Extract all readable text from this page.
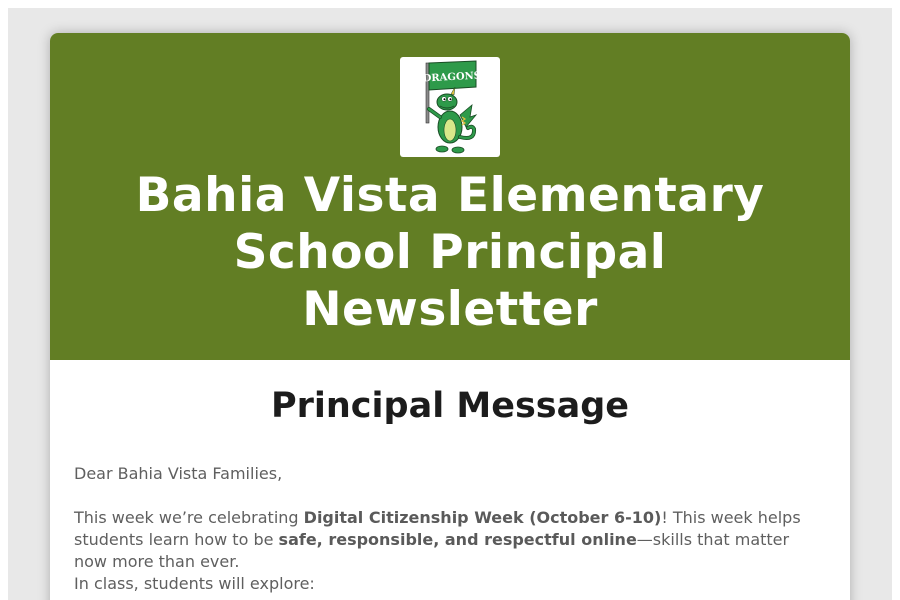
DRAGONS
Bahia Vista Elementary
School Principal
Newsletter
Principal Message

Dear Bahia Vista Families,

This week we’re celebrating Digital Citizenship Week (October 6-10)! This week helps students learn how to be safe, responsible, and respectful online—skills that matter now more than ever.

In class, students will explore:
